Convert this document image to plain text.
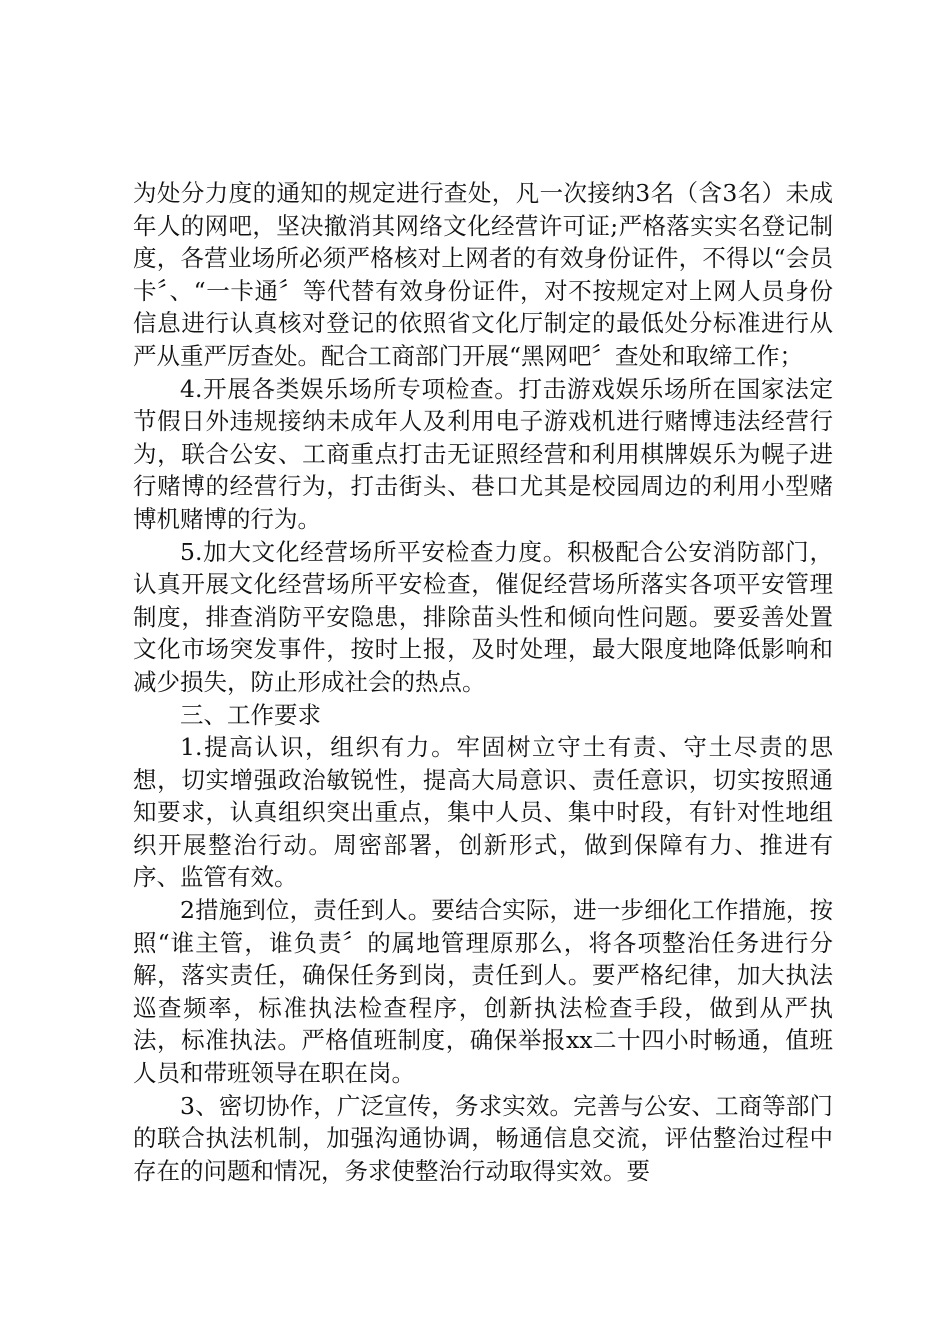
为处分力度的通知的规定进行查处，凡一次接纳3名（含3名）未成年人的网吧，坚决撤消其网络文化经营许可证;严格落实实名登记制度，各营业场所必须严格核对上网者的有效身份证件，不得以“会员卡〞、“一卡通〞等代替有效身份证件，对不按规定对上网人员身份信息进行认真核对登记的依照省文化厅制定的最低处分标准进行从严从重严厉查处。配合工商部门开展“黑网吧〞查处和取缔工作；

4.开展各类娱乐场所专项检查。打击游戏娱乐场所在国家法定节假日外违规接纳未成年人及利用电子游戏机进行赌博违法经营行为，联合公安、工商重点打击无证照经营和利用棋牌娱乐为幌子进行赌博的经营行为，打击街头、巷口尤其是校园周边的利用小型赌博机赌博的行为。

5.加大文化经营场所平安检查力度。积极配合公安消防部门，认真开展文化经营场所平安检查，催促经营场所落实各项平安管理制度，排查消防平安隐患，排除苗头性和倾向性问题。要妥善处置文化市场突发事件，按时上报，及时处理，最大限度地降低影响和减少损失，防止形成社会的热点。

三、工作要求

1.提高认识，组织有力。牢固树立守土有责、守土尽责的思想，切实增强政治敏锐性，提高大局意识、责任意识，切实按照通知要求，认真组织突出重点，集中人员、集中时段，有针对性地组织开展整治行动。周密部署，创新形式，做到保障有力、推进有序、监管有效。

2措施到位，责任到人。要结合实际，进一步细化工作措施，按照“谁主管，谁负责〞的属地管理原那么，将各项整治任务进行分解，落实责任，确保任务到岗，责任到人。要严格纪律，加大执法巡查频率，标准执法检查程序，创新执法检查手段，做到从严执法，标准执法。严格值班制度，确保举报xx二十四小时畅通，值班人员和带班领导在职在岗。

3、密切协作，广泛宣传，务求实效。完善与公安、工商等部门的联合执法机制，加强沟通协调，畅通信息交流，评估整治过程中存在的问题和情况，务求使整治行动取得实效。要
